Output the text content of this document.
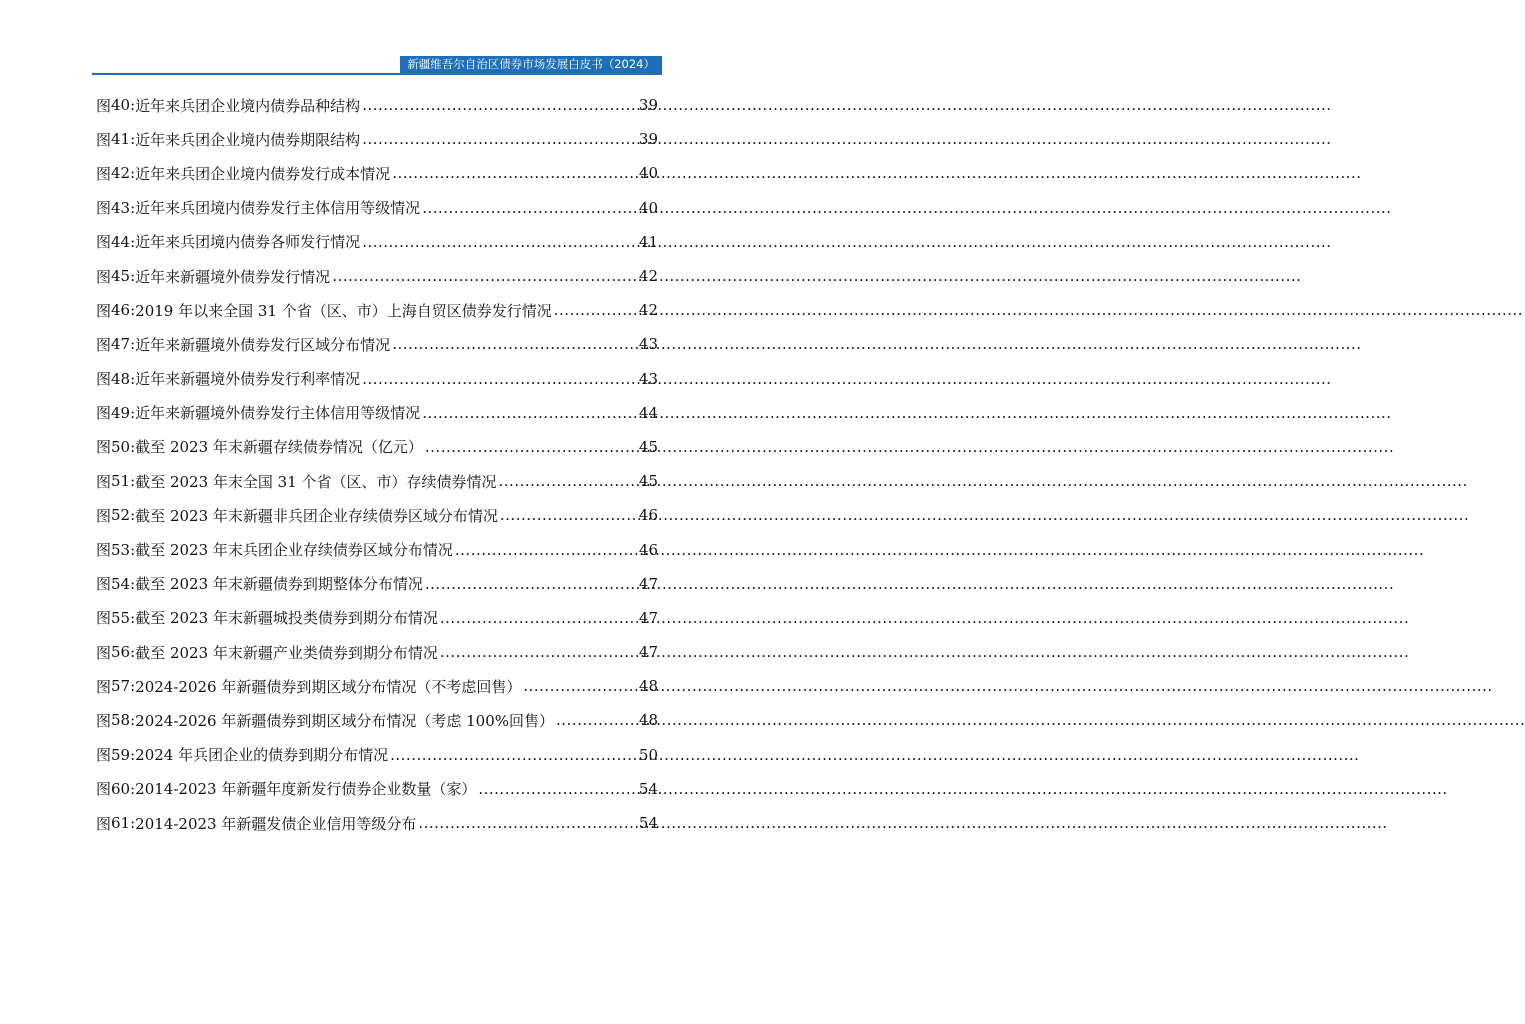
新疆维吾尔自治区债券市场发展白皮书（2024）
图 40 : 近年来兵团企业境内债券品种结构 .....	39
图 41 : 近年来兵团企业境内债券期限结构 .....	39
图 42 : 近年来兵团企业境内债券发行成本情况 .....	40
图 43 : 近年来兵团境内债券发行主体信用等级情况 .....	40
图 44 : 近年来兵团境内债券各师发行情况 .....	41
图 45 : 近年来新疆境外债券发行情况 .....	42
图 46 : 2019 年以来全国 31 个省（区、市）上海自贸区债券发行情况 .....	42
图 47 : 近年来新疆境外债券发行区域分布情况 .....	43
图 48 : 近年来新疆境外债券发行利率情况 .....	43
图 49 : 近年来新疆境外债券发行主体信用等级情况 .....	44
图 50 : 截至 2023 年末新疆存续债券情况（亿元） .....	45
图 51 : 截至 2023 年末全国 31 个省（区、市）存续债券情况 .....	45
图 52 : 截至 2023 年末新疆非兵团企业存续债券区域分布情况 .....	46
图 53 : 截至 2023 年末兵团企业存续债券区域分布情况 .....	46
图 54 : 截至 2023 年末新疆债券到期整体分布情况 .....	47
图 55 : 截至 2023 年末新疆城投类债券到期分布情况 .....	47
图 56 : 截至 2023 年末新疆产业类债券到期分布情况 .....	47
图 57 : 2024-2026 年新疆债券到期区域分布情况（不考虑回售） .....	48
图 58 : 2024-2026 年新疆债券到期区域分布情况（考虑 100%回售） .....	48
图 59 : 2024 年兵团企业的债券到期分布情况 .....	50
图 60 : 2014-2023 年新疆年度新发行债券企业数量（家） .....	54
图 61 : 2014-2023 年新疆发债企业信用等级分布 .....	54
